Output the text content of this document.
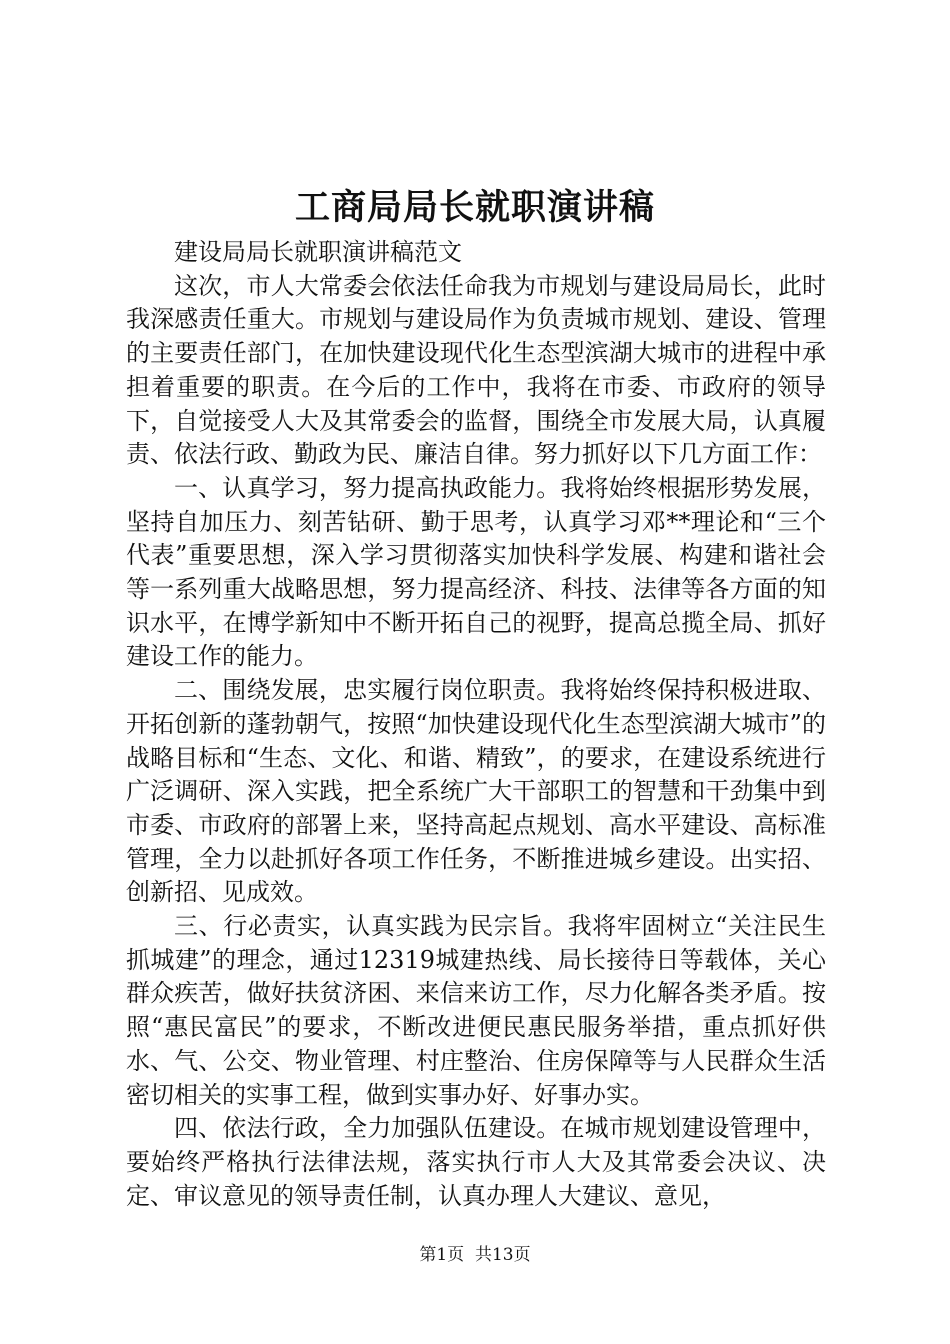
工商局局长就职演讲稿

建设局局长就职演讲稿范文

这次，市人大常委会依法任命我为市规划与建设局局长，此时我深感责任重大。市规划与建设局作为负责城市规划、建设、管理的主要责任部门，在加快建设现代化生态型滨湖大城市的进程中承担着重要的职责。在今后的工作中，我将在市委、市政府的领导下，自觉接受人大及其常委会的监督，围绕全市发展大局，认真履责、依法行政、勤政为民、廉洁自律。努力抓好以下几方面工作：

一、认真学习，努力提高执政能力。我将始终根据形势发展，坚持自加压力、刻苦钻研、勤于思考，认真学习邓**理论和“三个代表”重要思想，深入学习贯彻落实加快科学发展、构建和谐社会等一系列重大战略思想，努力提高经济、科技、法律等各方面的知识水平，在博学新知中不断开拓自己的视野，提高总揽全局、抓好建设工作的能力。

二、围绕发展，忠实履行岗位职责。我将始终保持积极进取、开拓创新的蓬勃朝气，按照“加快建设现代化生态型滨湖大城市”的战略目标和“生态、文化、和谐、精致”，的要求，在建设系统进行广泛调研、深入实践，把全系统广大干部职工的智慧和干劲集中到市委、市政府的部署上来，坚持高起点规划、高水平建设、高标准管理，全力以赴抓好各项工作任务，不断推进城乡建设。出实招、创新招、见成效。

三、行必责实，认真实践为民宗旨。我将牢固树立“关注民生抓城建”的理念，通过12319城建热线、局长接待日等载体，关心群众疾苦，做好扶贫济困、来信来访工作，尽力化解各类矛盾。按照“惠民富民”的要求，不断改进便民惠民服务举措，重点抓好供水、气、公交、物业管理、村庄整治、住房保障等与人民群众生活密切相关的实事工程，做到实事办好、好事办实。

四、依法行政，全力加强队伍建设。在城市规划建设管理中，要始终严格执行法律法规，落实执行市人大及其常委会决议、决定、审议意见的领导责任制，认真办理人大建议、意见，

第1页  共13页
